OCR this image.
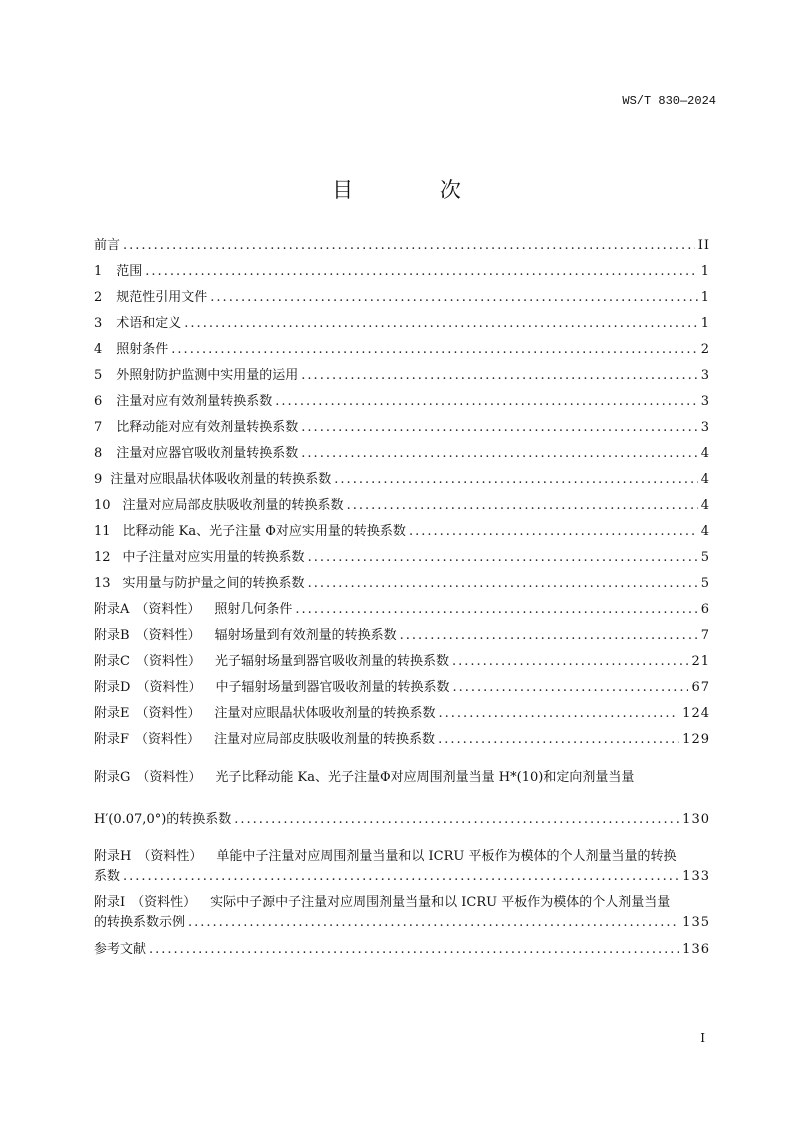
WS/T 830—2024
目 次
前言 .....	II
1 范围 .....	1
2 规范性引用文件 .....	1
3 术语和定义 .....	1
4 照射条件 .....	2
5 外照射防护监测中实用量的运用 .....	3
6 注量对应有效剂量转换系数 .....	3
7 比释动能对应有效剂量转换系数 .....	3
8 注量对应器官吸收剂量转换系数 .....	4
9 注量对应眼晶状体吸收剂量的转换系数 .....	4
10 注量对应局部皮肤吸收剂量的转换系数 .....	4
11 比释动能 Ka、光子注量 Φ对应实用量的转换系数 .....	4
12 中子注量对应实用量的转换系数 .....	5
13 实用量与防护量之间的转换系数 .....	5
附录A （资料性） 照射几何条件 .....	6
附录B （资料性） 辐射场量到有效剂量的转换系数 .....	7
附录C （资料性） 光子辐射场量到器官吸收剂量的转换系数 .....	21
附录D （资料性） 中子辐射场量到器官吸收剂量的转换系数 .....	67
附录E （资料性） 注量对应眼晶状体吸收剂量的转换系数 .....	124
附录F （资料性） 注量对应局部皮肤吸收剂量的转换系数 .....	129
附录G （资料性） 光子比释动能 Ka、光子注量Φ对应周围剂量当量 H*(10)和定向剂量当量
H′(0.07,0°)的转换系数 .....	130
附录H （资料性） 单能中子注量对应周围剂量当量和以 ICRU 平板作为模体的个人剂量当量的转换
系数 .....	133
附录I （资料性） 实际中子源中子注量对应周围剂量当量和以 ICRU 平板作为模体的个人剂量当量
的转换系数示例 .....	135
参考文献 .....	136
I
